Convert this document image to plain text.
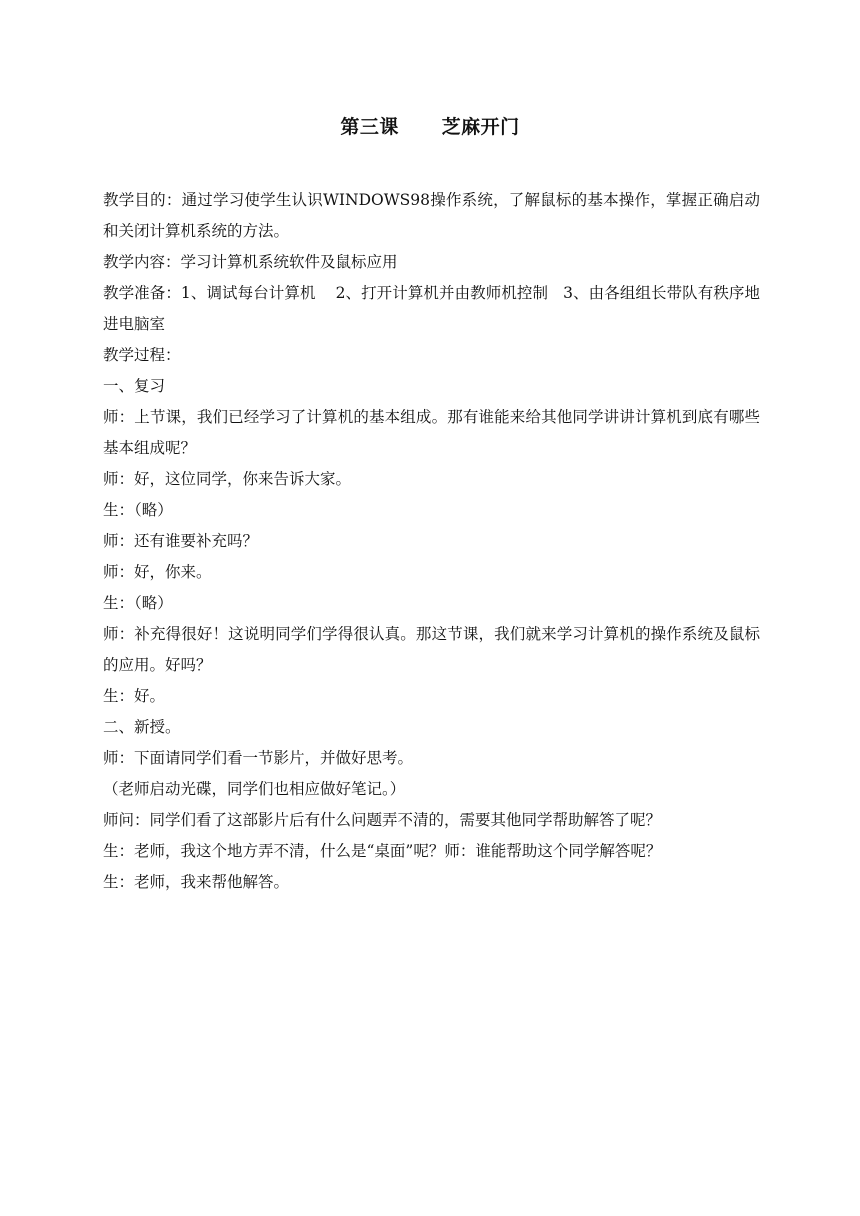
第三课      芝麻开门

教学目的：通过学习使学生认识WINDOWS98操作系统，了解鼠标的基本操作，掌握正确启动和关闭计算机系统的方法。

教学内容：学习计算机系统软件及鼠标应用

教学准备：1、调试每台计算机    2、打开计算机并由教师机控制   3、由各组组长带队有秩序地进电脑室

教学过程：

一、复习

师：上节课，我们已经学习了计算机的基本组成。那有谁能来给其他同学讲讲计算机到底有哪些基本组成呢？

师：好，这位同学，你来告诉大家。

生：（略）

师：还有谁要补充吗？

师：好，你来。

生：（略）

师：补充得很好！这说明同学们学得很认真。那这节课，我们就来学习计算机的操作系统及鼠标的应用。好吗？

生：好。

二、新授。

师：下面请同学们看一节影片，并做好思考。

（老师启动光碟，同学们也相应做好笔记。）

师问：同学们看了这部影片后有什么问题弄不清的，需要其他同学帮助解答了呢？

生：老师，我这个地方弄不清，什么是“桌面”呢？师：谁能帮助这个同学解答呢？

生：老师，我来帮他解答。
